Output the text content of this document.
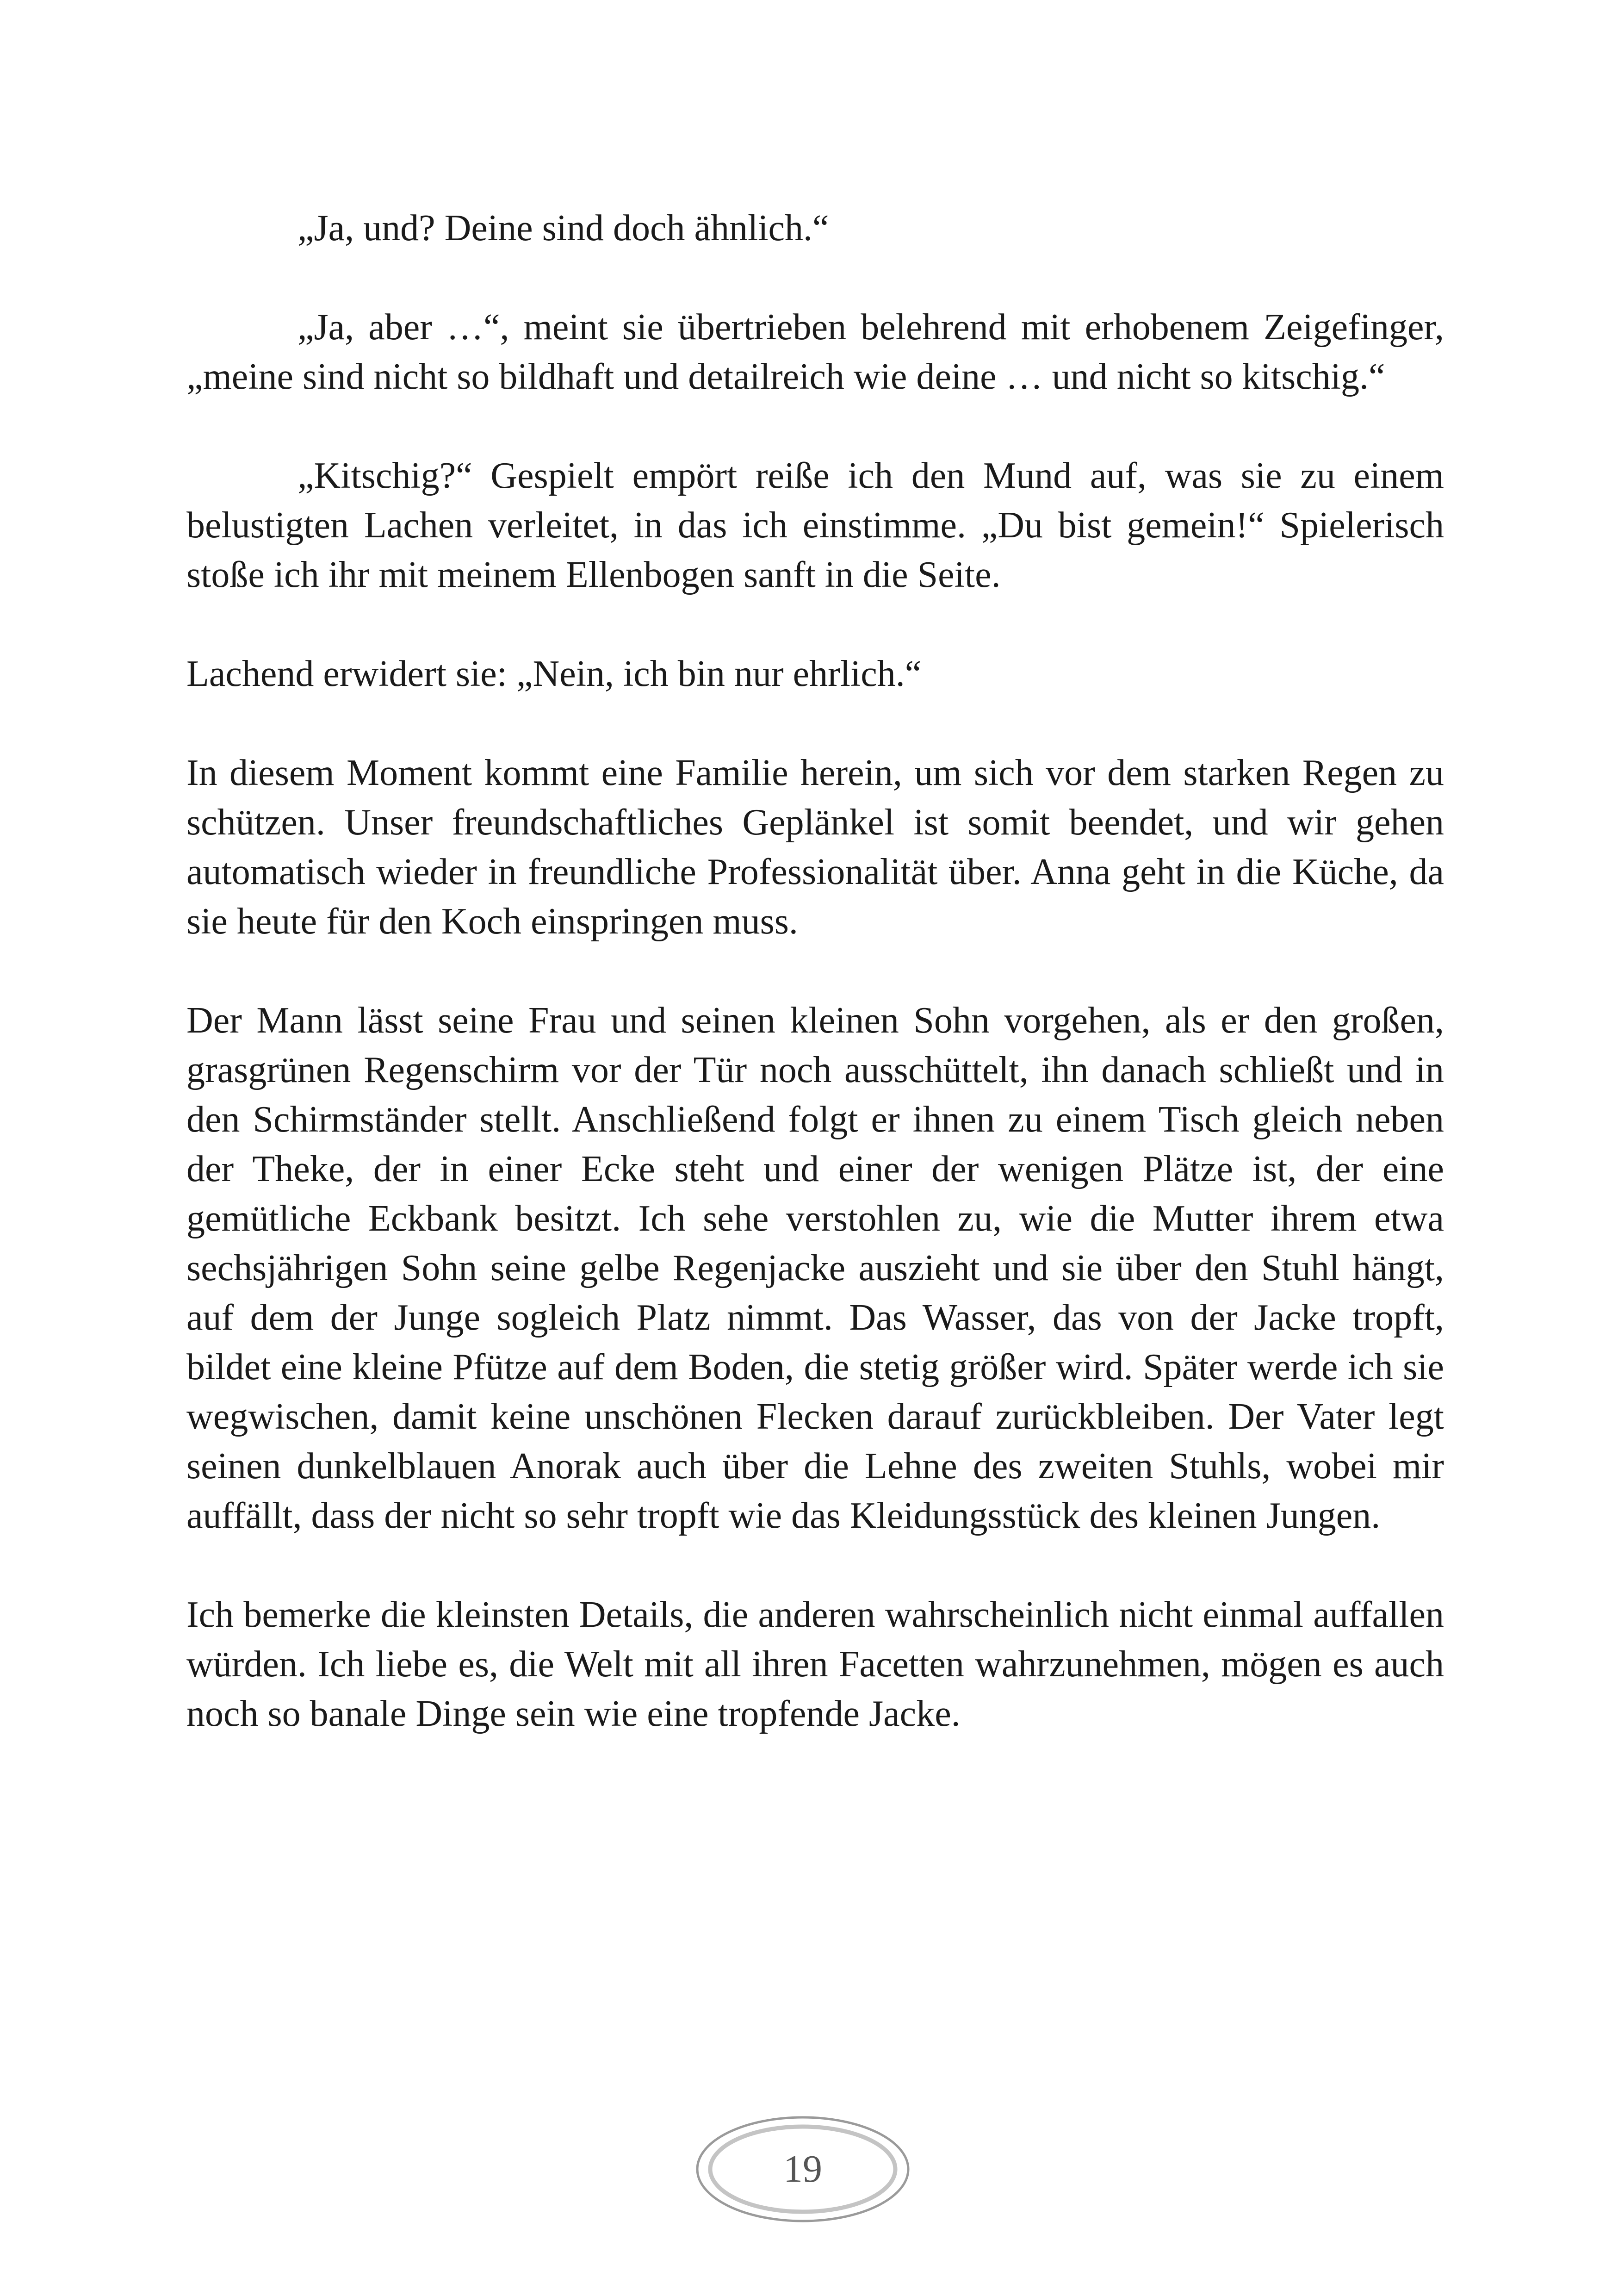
„Ja, und? Deine sind doch ähnlich.“

„Ja, aber …“, meint sie übertrieben belehrend mit erhobenem Zeigefinger, „meine sind nicht so bildhaft und detailreich wie deine … und nicht so kitschig.“

„Kitschig?“ Gespielt empört reiße ich den Mund auf, was sie zu einem belustigten Lachen verleitet, in das ich einstimme. „Du bist gemein!“ Spielerisch stoße ich ihr mit meinem Ellenbogen sanft in die Seite.

Lachend erwidert sie: „Nein, ich bin nur ehrlich.“

In diesem Moment kommt eine Familie herein, um sich vor dem starken Regen zu schützen. Unser freundschaftliches Geplänkel ist somit beendet, und wir gehen automatisch wieder in freundliche Professionalität über. Anna geht in die Küche, da sie heute für den Koch einspringen muss.

Der Mann lässt seine Frau und seinen kleinen Sohn vorgehen, als er den großen, grasgrünen Regenschirm vor der Tür noch ausschüttelt, ihn danach schließt und in den Schirmständer stellt. Anschließend folgt er ihnen zu einem Tisch gleich neben der Theke, der in einer Ecke steht und einer der wenigen Plätze ist, der eine gemütliche Eckbank besitzt. Ich sehe verstohlen zu, wie die Mutter ihrem etwa sechsjährigen Sohn seine gelbe Regenjacke auszieht und sie über den Stuhl hängt, auf dem der Junge sogleich Platz nimmt. Das Wasser, das von der Jacke tropft, bildet eine kleine Pfütze auf dem Boden, die stetig größer wird. Später werde ich sie wegwischen, damit keine unschönen Flecken darauf zurückbleiben. Der Vater legt seinen dunkelblauen Anorak auch über die Lehne des zweiten Stuhls, wobei mir auffällt, dass der nicht so sehr tropft wie das Kleidungsstück des kleinen Jungen.

Ich bemerke die kleinsten Details, die anderen wahrscheinlich nicht einmal auffallen würden. Ich liebe es, die Welt mit all ihren Facetten wahrzunehmen, mögen es auch noch so banale Dinge sein wie eine tropfende Jacke.

19
